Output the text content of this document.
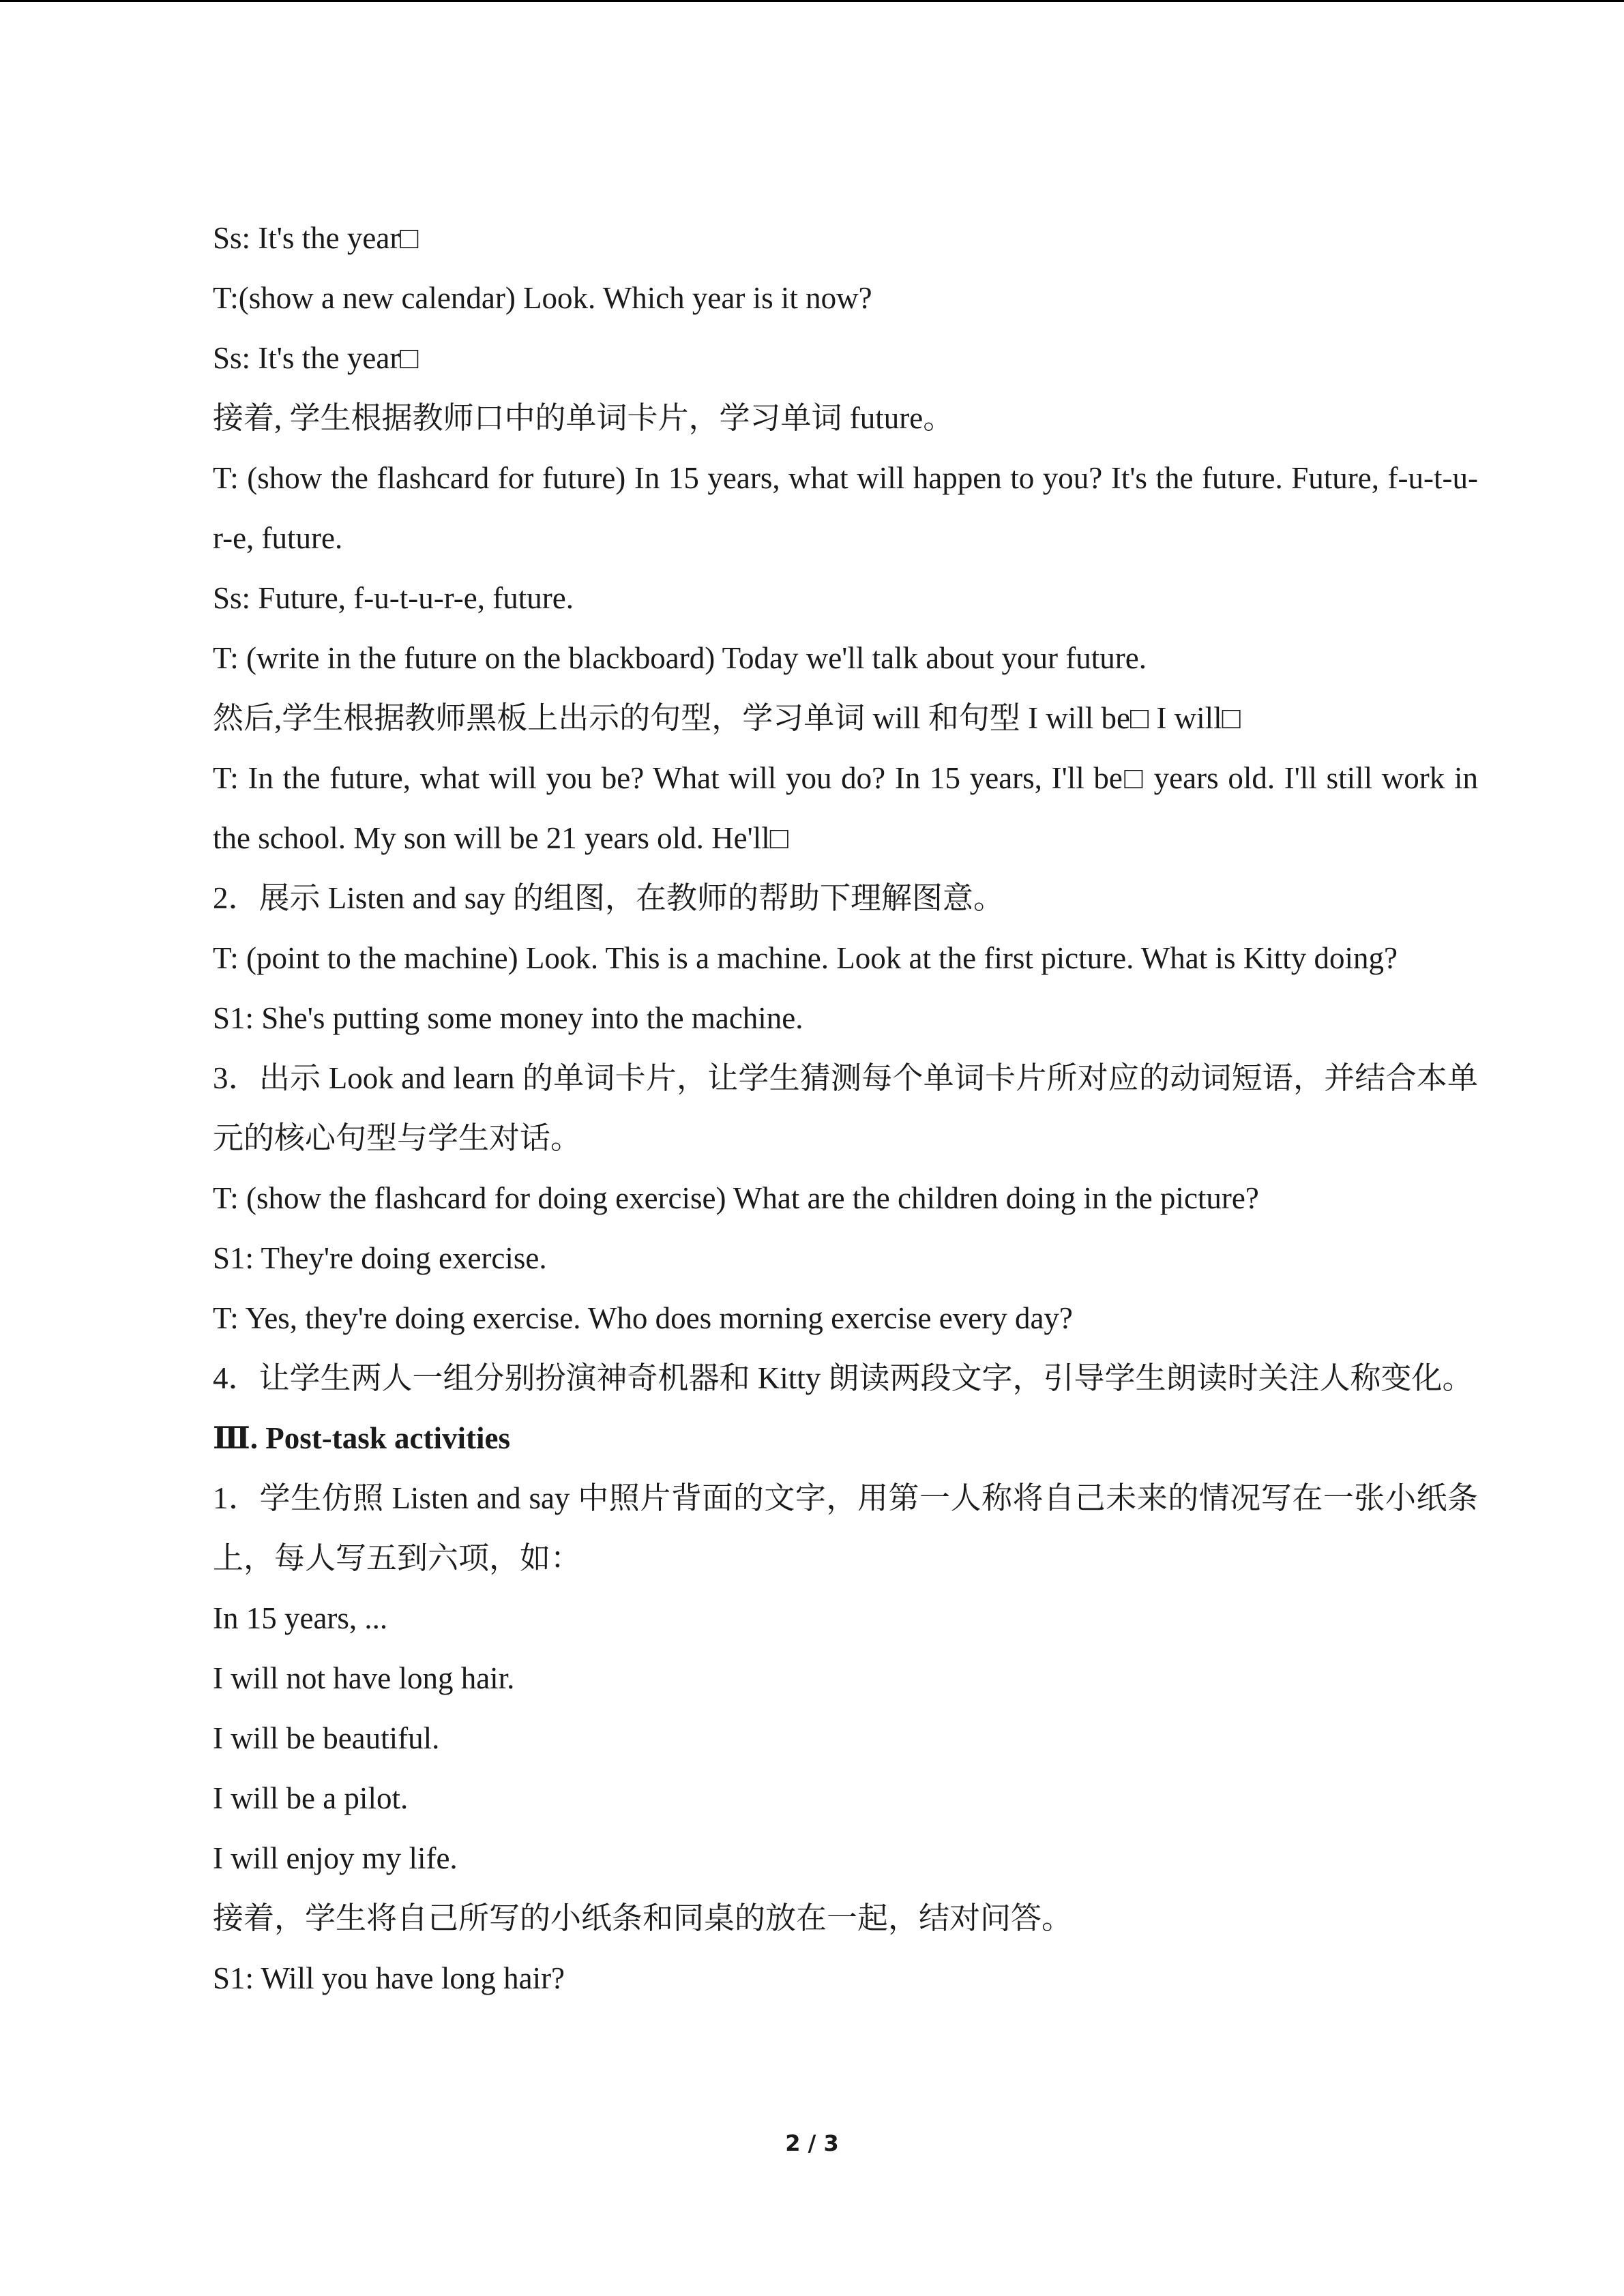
Ss: It's the year□

T:(show a new calendar) Look. Which year is it now?

Ss: It's the year□

接着, 学生根据教师口中的单词卡片，学习单词 future。

T: (show the flashcard for future) In 15 years, what will happen to you? It's the future. Future, f-u-t-u-r-e, future.

Ss: Future, f-u-t-u-r-e, future.

T: (write in the future on the blackboard) Today we'll talk about your future.

然后,学生根据教师黑板上出示的句型，学习单词 will 和句型 I will be□ I will□

T: In the future, what will you be? What will you do? In 15 years, I'll be□ years old. I'll still work in the school. My son will be 21 years old. He'll□

2．展示 Listen and say 的组图，在教师的帮助下理解图意。

T: (point to the machine) Look. This is a machine. Look at the first picture. What is Kitty doing?

S1: She's putting some money into the machine.

3．出示 Look and learn 的单词卡片，让学生猜测每个单词卡片所对应的动词短语，并结合本单元的核心句型与学生对话。

T: (show the flashcard for doing exercise) What are the children doing in the picture?

S1: They're doing exercise.

T: Yes, they're doing exercise. Who does morning exercise every day?

4．让学生两人一组分别扮演神奇机器和 Kitty 朗读两段文字，引导学生朗读时关注人称变化。

Ⅲ. Post-task activities

1．学生仿照 Listen and say 中照片背面的文字，用第一人称将自己未来的情况写在一张小纸条上，每人写五到六项，如：

In 15 years, ...

I will not have long hair.

I will be beautiful.

I will be a pilot.

I will enjoy my life.

接着，学生将自己所写的小纸条和同桌的放在一起，结对问答。

S1: Will you have long hair?

2 / 3
